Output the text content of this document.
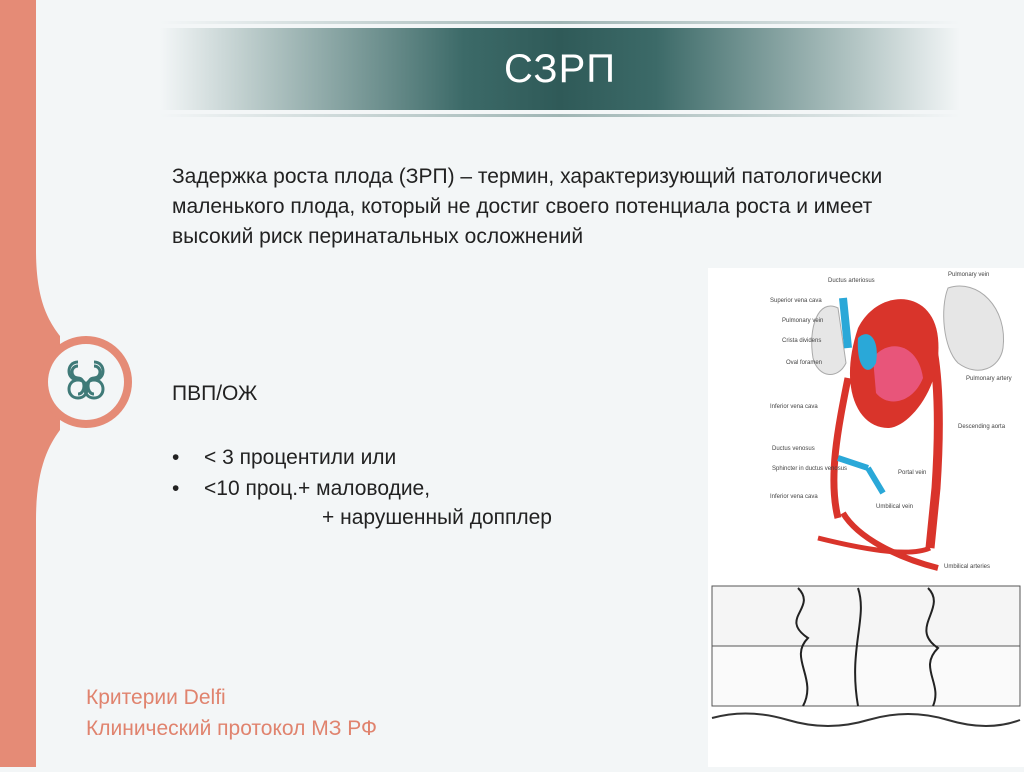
СЗРП
Задержка роста плода (ЗРП) – термин, характеризующий патологически маленького плода, который не достиг своего потенциала роста и имеет высокий риск перинатальных осложнений
ПВП/ОЖ
•	< 3 процентили или
•	<10 проц.+ маловодие,
+ нарушенный допплер
Критерии Delfi
Клинический протокол МЗ РФ
Ductus arteriosus
Superior vena cava
Pulmonary vein
Crista dividens
Oval foramen
Inferior vena cava
Ductus venosus
Sphincter in ductus venosus
Inferior vena cava
Pulmonary vein
Pulmonary artery
Descending aorta
Portal vein
Umbilical vein
Umbilical arteries
